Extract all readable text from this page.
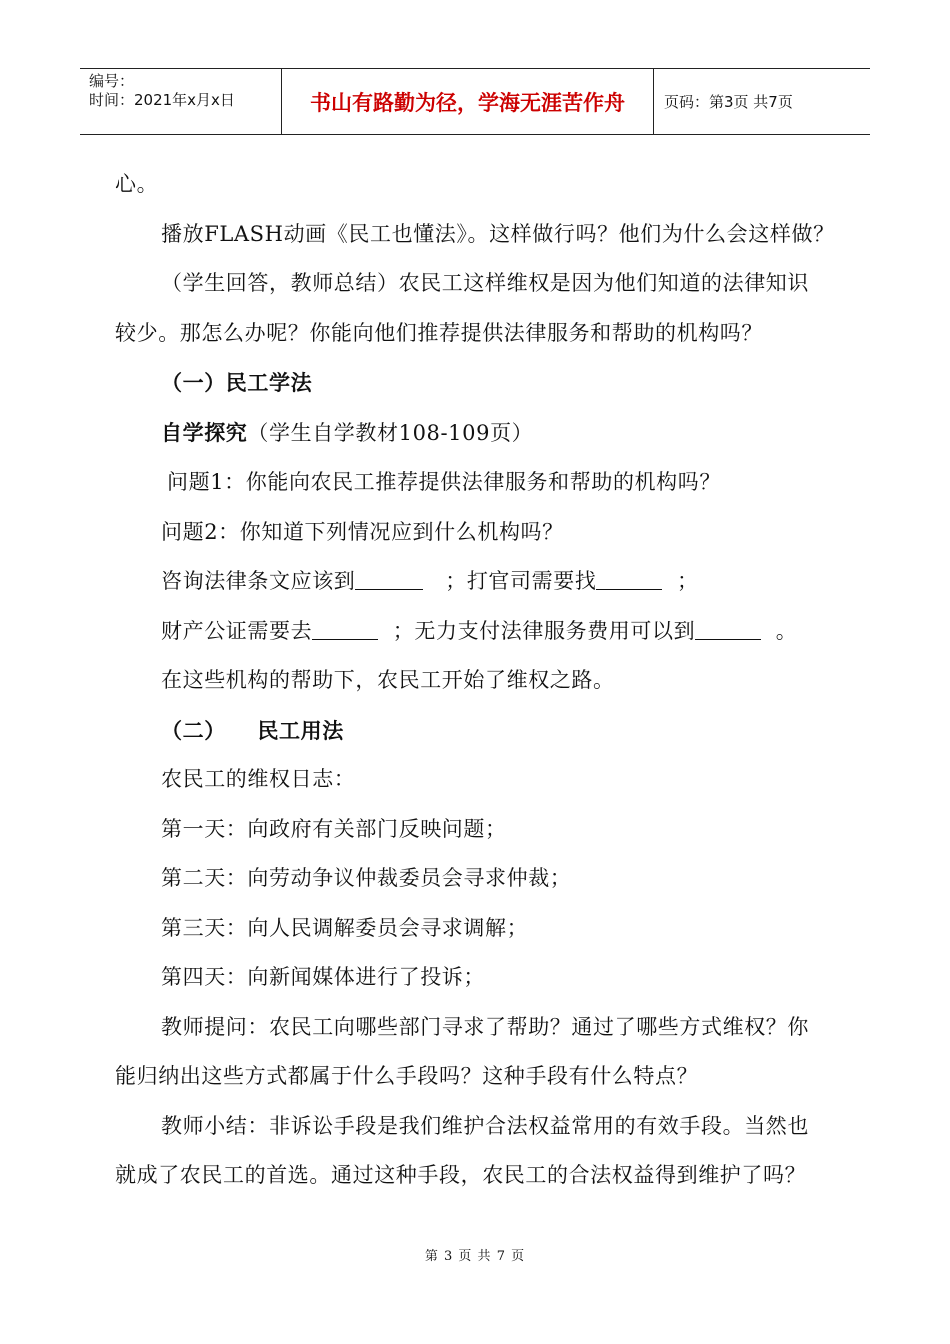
编号：
时间：2021年x月x日	书山有路勤为径，学海无涯苦作舟	页码：第3页 共7页

心。

播放FLASH动画《民工也懂法》。这样做行吗？他们为什么会这样做？

（学生回答，教师总结）农民工这样维权是因为他们知道的法律知识

较少。那怎么办呢？你能向他们推荐提供法律服务和帮助的机构吗？

（一）民工学法

自学探究（学生自学教材108-109页）

问题1：你能向农民工推荐提供法律服务和帮助的机构吗？

问题2：你知道下列情况应到什么机构吗？

咨询法律条文应该到	；打官司需要找	；

财产公证需要去	；无力支付法律服务费用可以到	。

在这些机构的帮助下，农民工开始了维权之路。

（二）    民工用法

农民工的维权日志：

第一天：向政府有关部门反映问题；

第二天：向劳动争议仲裁委员会寻求仲裁；

第三天：向人民调解委员会寻求调解；

第四天：向新闻媒体进行了投诉；

教师提问：农民工向哪些部门寻求了帮助？通过了哪些方式维权？你

能归纳出这些方式都属于什么手段吗？这种手段有什么特点？

教师小结：非诉讼手段是我们维护合法权益常用的有效手段。当然也

就成了农民工的首选。通过这种手段，农民工的合法权益得到维护了吗？

第 3 页 共 7 页
